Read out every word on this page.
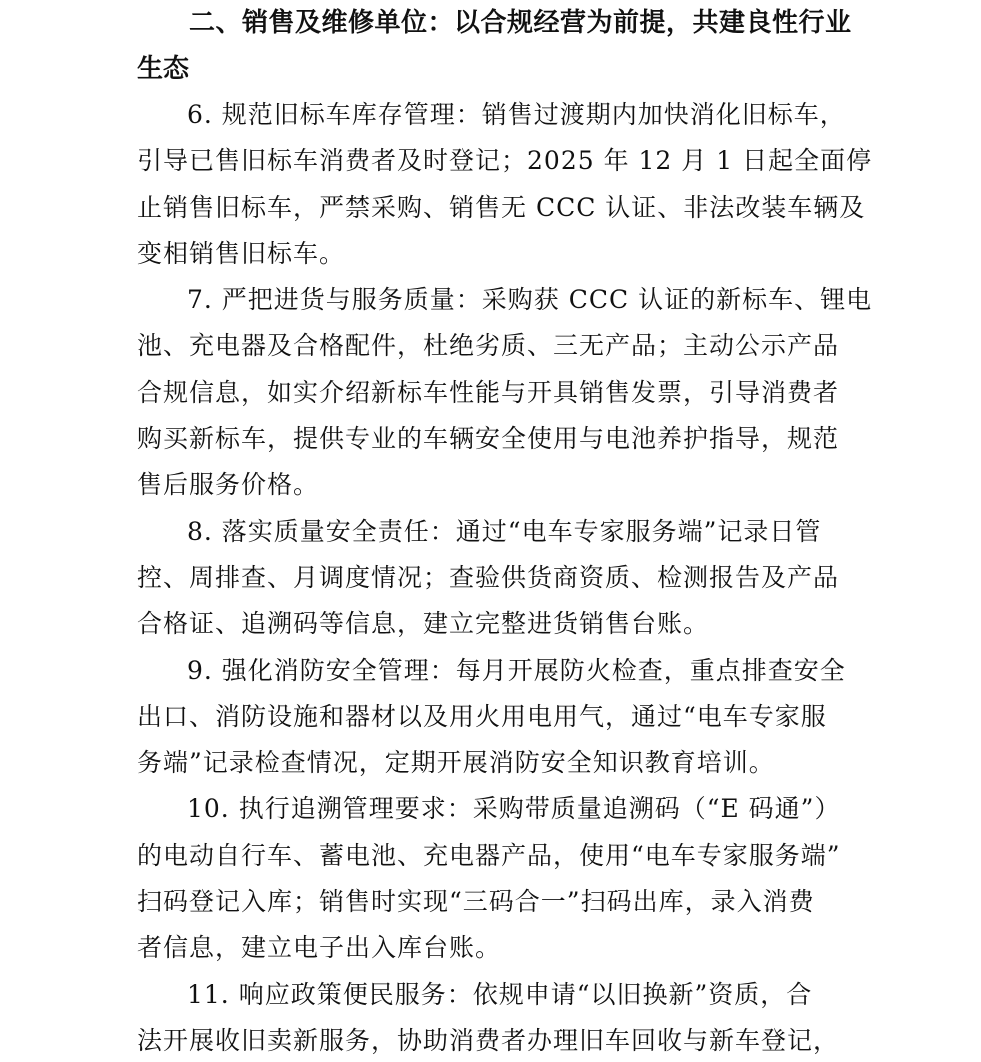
二、销售及维修单位：以合规经营为前提，共建良性行业
生态

6. 规范旧标车库存管理：销售过渡期内加快消化旧标车，
引导已售旧标车消费者及时登记；2025 年 12 月 1 日起全面停
止销售旧标车，严禁采购、销售无 CCC 认证、非法改装车辆及
变相销售旧标车。

7. 严把进货与服务质量：采购获 CCC 认证的新标车、锂电
池、充电器及合格配件，杜绝劣质、三无产品；主动公示产品
合规信息，如实介绍新标车性能与开具销售发票，引导消费者
购买新标车，提供专业的车辆安全使用与电池养护指导，规范
售后服务价格。

8. 落实质量安全责任：通过“电车专家服务端”记录日管
控、周排查、月调度情况；查验供货商资质、检测报告及产品
合格证、追溯码等信息，建立完整进货销售台账。

9. 强化消防安全管理：每月开展防火检查，重点排查安全
出口、消防设施和器材以及用火用电用气，通过“电车专家服
务端”记录检查情况，定期开展消防安全知识教育培训。

10. 执行追溯管理要求：采购带质量追溯码（“E 码通”）
的电动自行车、蓄电池、充电器产品，使用“电车专家服务端”
扫码登记入库；销售时实现“三码合一”扫码出库，录入消费
者信息，建立电子出入库台账。

11. 响应政策便民服务：依规申请“以旧换新”资质，合
法开展收旧卖新服务，协助消费者办理旧车回收与新车登记，
